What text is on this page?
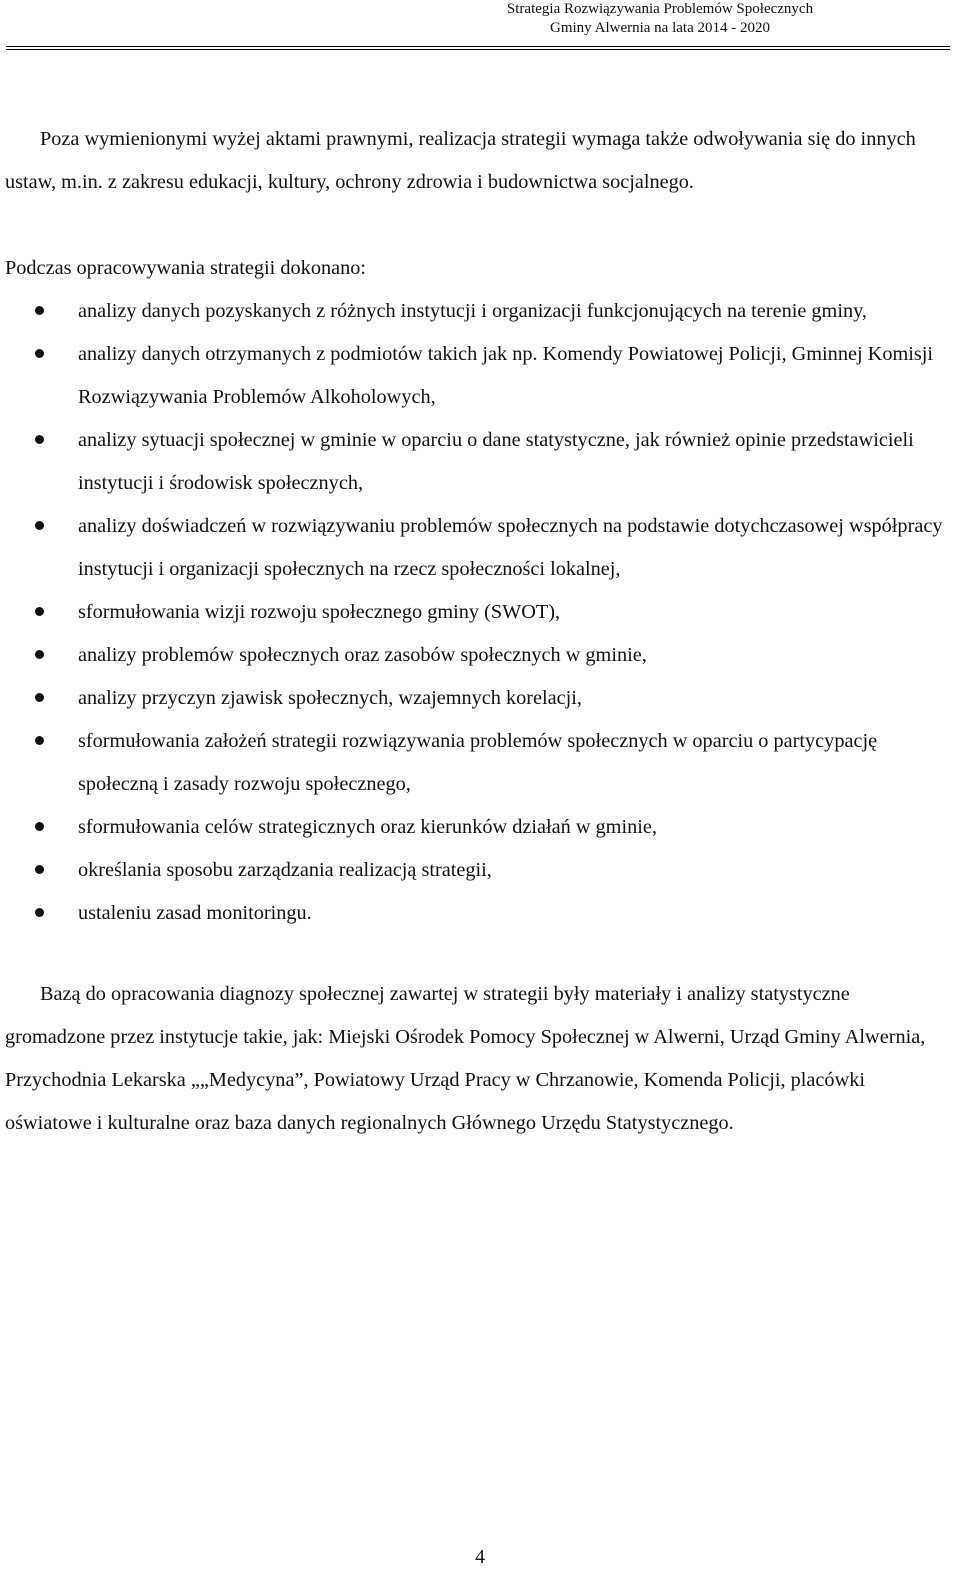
Strategia Rozwiązywania Problemów Społecznych
Gminy Alwernia na lata 2014 - 2020

Poza wymienionymi wyżej aktami prawnymi, realizacja strategii wymaga także odwoływania się do innych ustaw, m.in. z zakresu edukacji, kultury, ochrony zdrowia i budownictwa socjalnego.

Podczas opracowywania strategii dokonano:

analizy danych pozyskanych z różnych instytucji i organizacji funkcjonujących na terenie gminy,
analizy danych otrzymanych z podmiotów takich jak np. Komendy Powiatowej Policji, Gminnej Komisji Rozwiązywania Problemów Alkoholowych,
analizy sytuacji społecznej w gminie w oparciu o dane statystyczne, jak również opinie przedstawicieli instytucji i środowisk społecznych,
analizy doświadczeń w rozwiązywaniu problemów społecznych na podstawie dotychczasowej współpracy instytucji i organizacji społecznych na rzecz społeczności lokalnej,
sformułowania wizji rozwoju społecznego gminy (SWOT),
analizy problemów społecznych oraz zasobów społecznych w gminie,
analizy przyczyn zjawisk społecznych, wzajemnych korelacji,
sformułowania założeń strategii rozwiązywania problemów społecznych w oparciu o partycypację społeczną i zasady rozwoju społecznego,
sformułowania celów strategicznych oraz kierunków działań w gminie,
określania sposobu zarządzania realizacją strategii,
ustaleniu zasad monitoringu.

Bazą do opracowania diagnozy społecznej zawartej w strategii były materiały i analizy statystyczne gromadzone przez instytucje takie, jak: Miejski Ośrodek Pomocy Społecznej w Alwerni, Urząd Gminy Alwernia, Przychodnia Lekarska „„Medycyna”, Powiatowy Urząd Pracy w Chrzanowie, Komenda Policji, placówki oświatowe i kulturalne oraz baza danych regionalnych Głównego Urzędu Statystycznego.

4
